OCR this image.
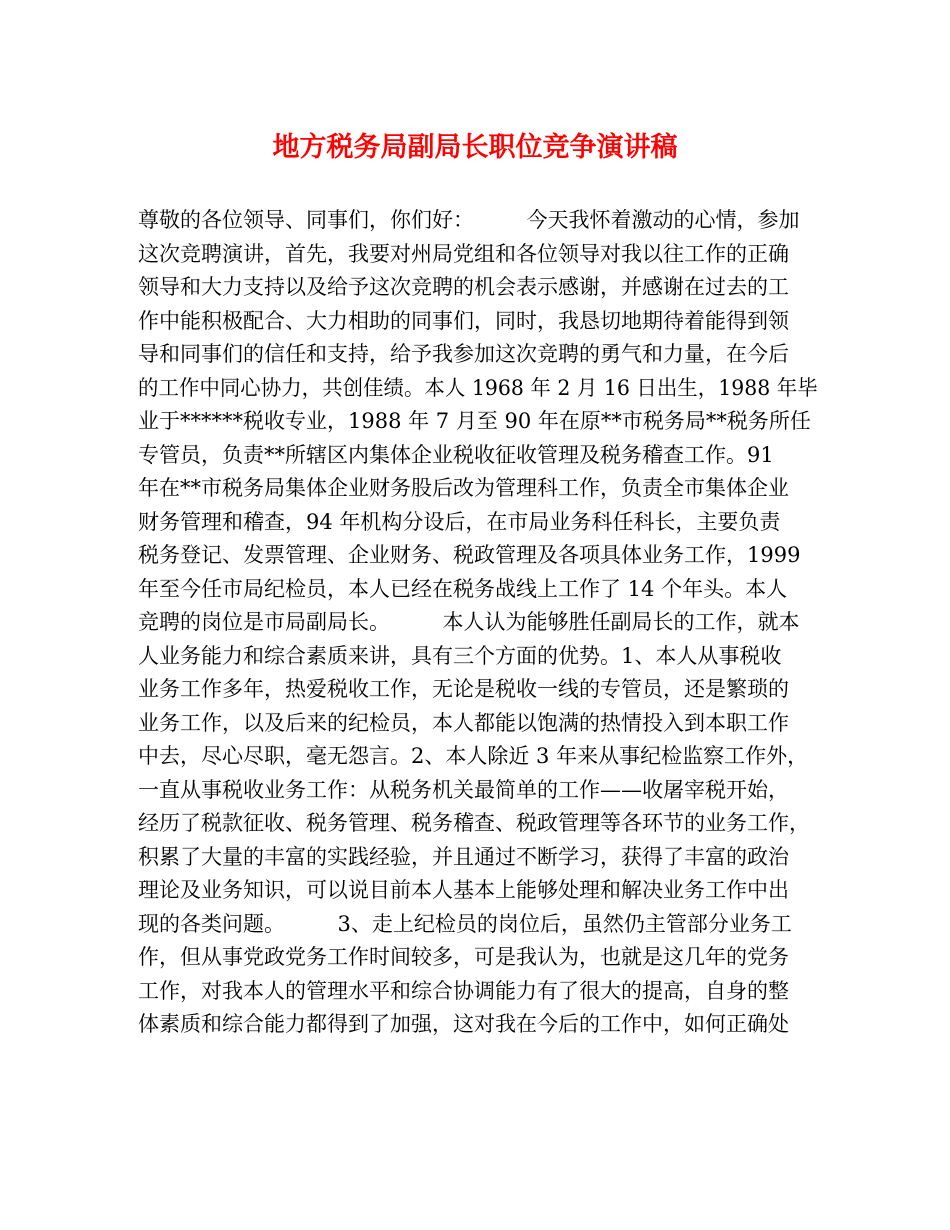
地方税务局副局长职位竞争演讲稿
尊敬的各位领导、同事们，你们好：　　　今天我怀着激动的心情，参加
这次竞聘演讲，首先，我要对州局党组和各位领导对我以往工作的正确
领导和大力支持以及给予这次竞聘的机会表示感谢，并感谢在过去的工
作中能积极配合、大力相助的同事们，同时，我恳切地期待着能得到领
导和同事们的信任和支持，给予我参加这次竞聘的勇气和力量，在今后
的工作中同心协力，共创佳绩。本人 1968 年 2 月 16 日出生，1988 年毕
业于******税收专业，1988 年 7 月至 90 年在原**市税务局**税务所任
专管员，负责**所辖区内集体企业税收征收管理及税务稽查工作。91
年在**市税务局集体企业财务股后改为管理科工作，负责全市集体企业
财务管理和稽查，94 年机构分设后，在市局业务科任科长，主要负责
税务登记、发票管理、企业财务、税政管理及各项具体业务工作，1999
年至今任市局纪检员，本人已经在税务战线上工作了 14 个年头。本人
竞聘的岗位是市局副局长。　　　本人认为能够胜任副局长的工作，就本
人业务能力和综合素质来讲，具有三个方面的优势。1、本人从事税收
业务工作多年，热爱税收工作，无论是税收一线的专管员，还是繁琐的
业务工作，以及后来的纪检员，本人都能以饱满的热情投入到本职工作
中去，尽心尽职，毫无怨言。2、本人除近 3 年来从事纪检监察工作外，
一直从事税收业务工作：从税务机关最简单的工作——收屠宰税开始，
经历了税款征收、税务管理、税务稽查、税政管理等各环节的业务工作，
积累了大量的丰富的实践经验，并且通过不断学习，获得了丰富的政治
理论及业务知识，可以说目前本人基本上能够处理和解决业务工作中出
现的各类问题。　　　3、走上纪检员的岗位后，虽然仍主管部分业务工
作，但从事党政党务工作时间较多，可是我认为，也就是这几年的党务
工作，对我本人的管理水平和综合协调能力有了很大的提高，自身的整
体素质和综合能力都得到了加强，这对我在今后的工作中，如何正确处
